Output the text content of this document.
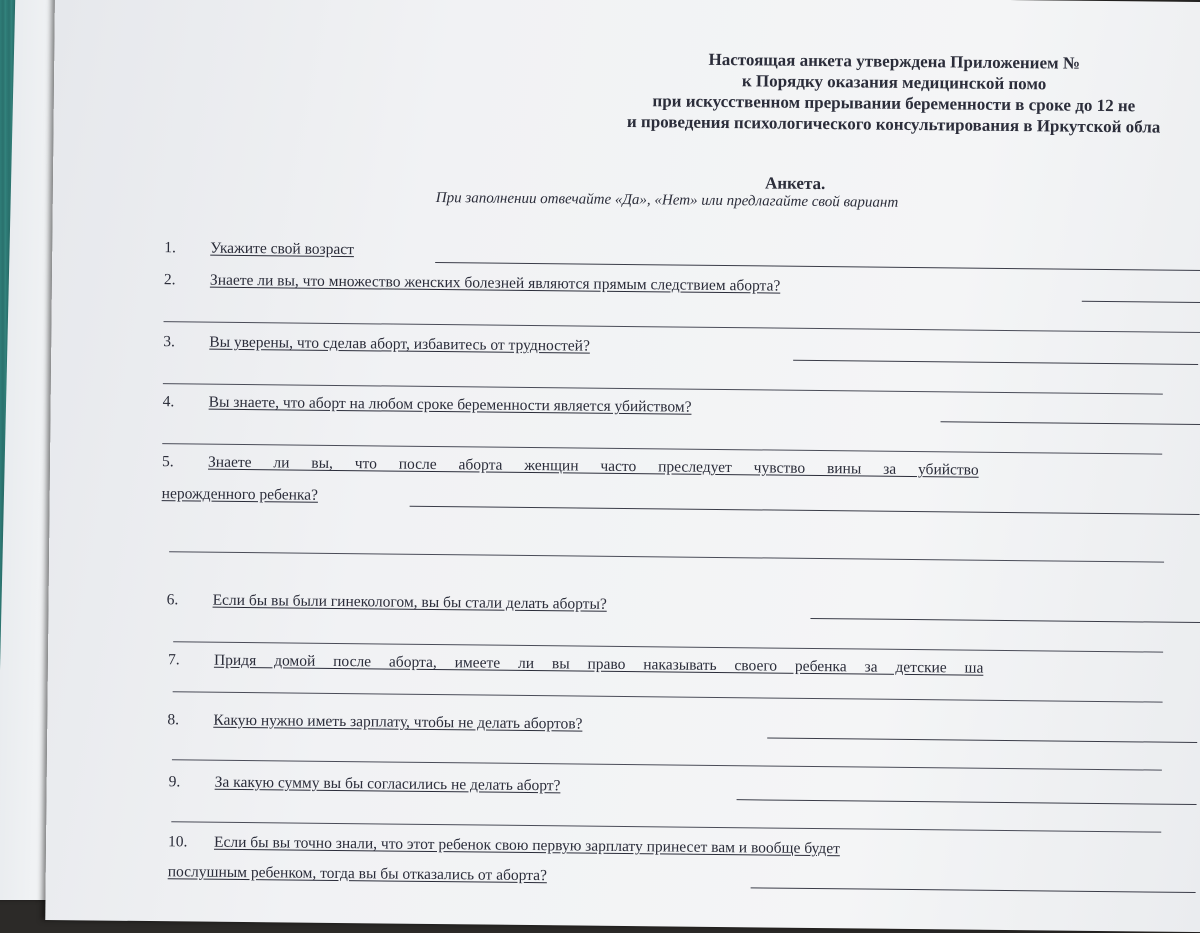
Настоящая анкета утверждена Приложением №
к Порядку оказания медицинской помо
при искусственном прерывании беременности в сроке до 12 не
и проведения психологического консультирования в Иркутской обла
Анкета.
При заполнении отвечайте «Да», «Нет» или предлагайте свой вариант
1. Укажите свой возраст
2. Знаете ли вы, что множество женских болезней являются прямым следствием аборта?
3. Вы уверены, что сделав аборт, избавитесь от трудностей?
4. Вы знаете, что аборт на любом сроке беременности является убийством?
5. Знаете ли вы, что после аборта женщин часто преследует чувство вины за убийство
нерожденного ребенка?
6. Если бы вы были гинекологом, вы бы стали делать аборты?
7. Придя домой после аборта, имеете ли вы право наказывать своего ребенка за детские ша
8. Какую нужно иметь зарплату, чтобы не делать абортов?
9. За какую сумму вы бы согласились не делать аборт?
10. Если бы вы точно знали, что этот ребенок свою первую зарплату принесет вам и вообще будет
послушным ребенком, тогда вы бы отказались от аборта?
